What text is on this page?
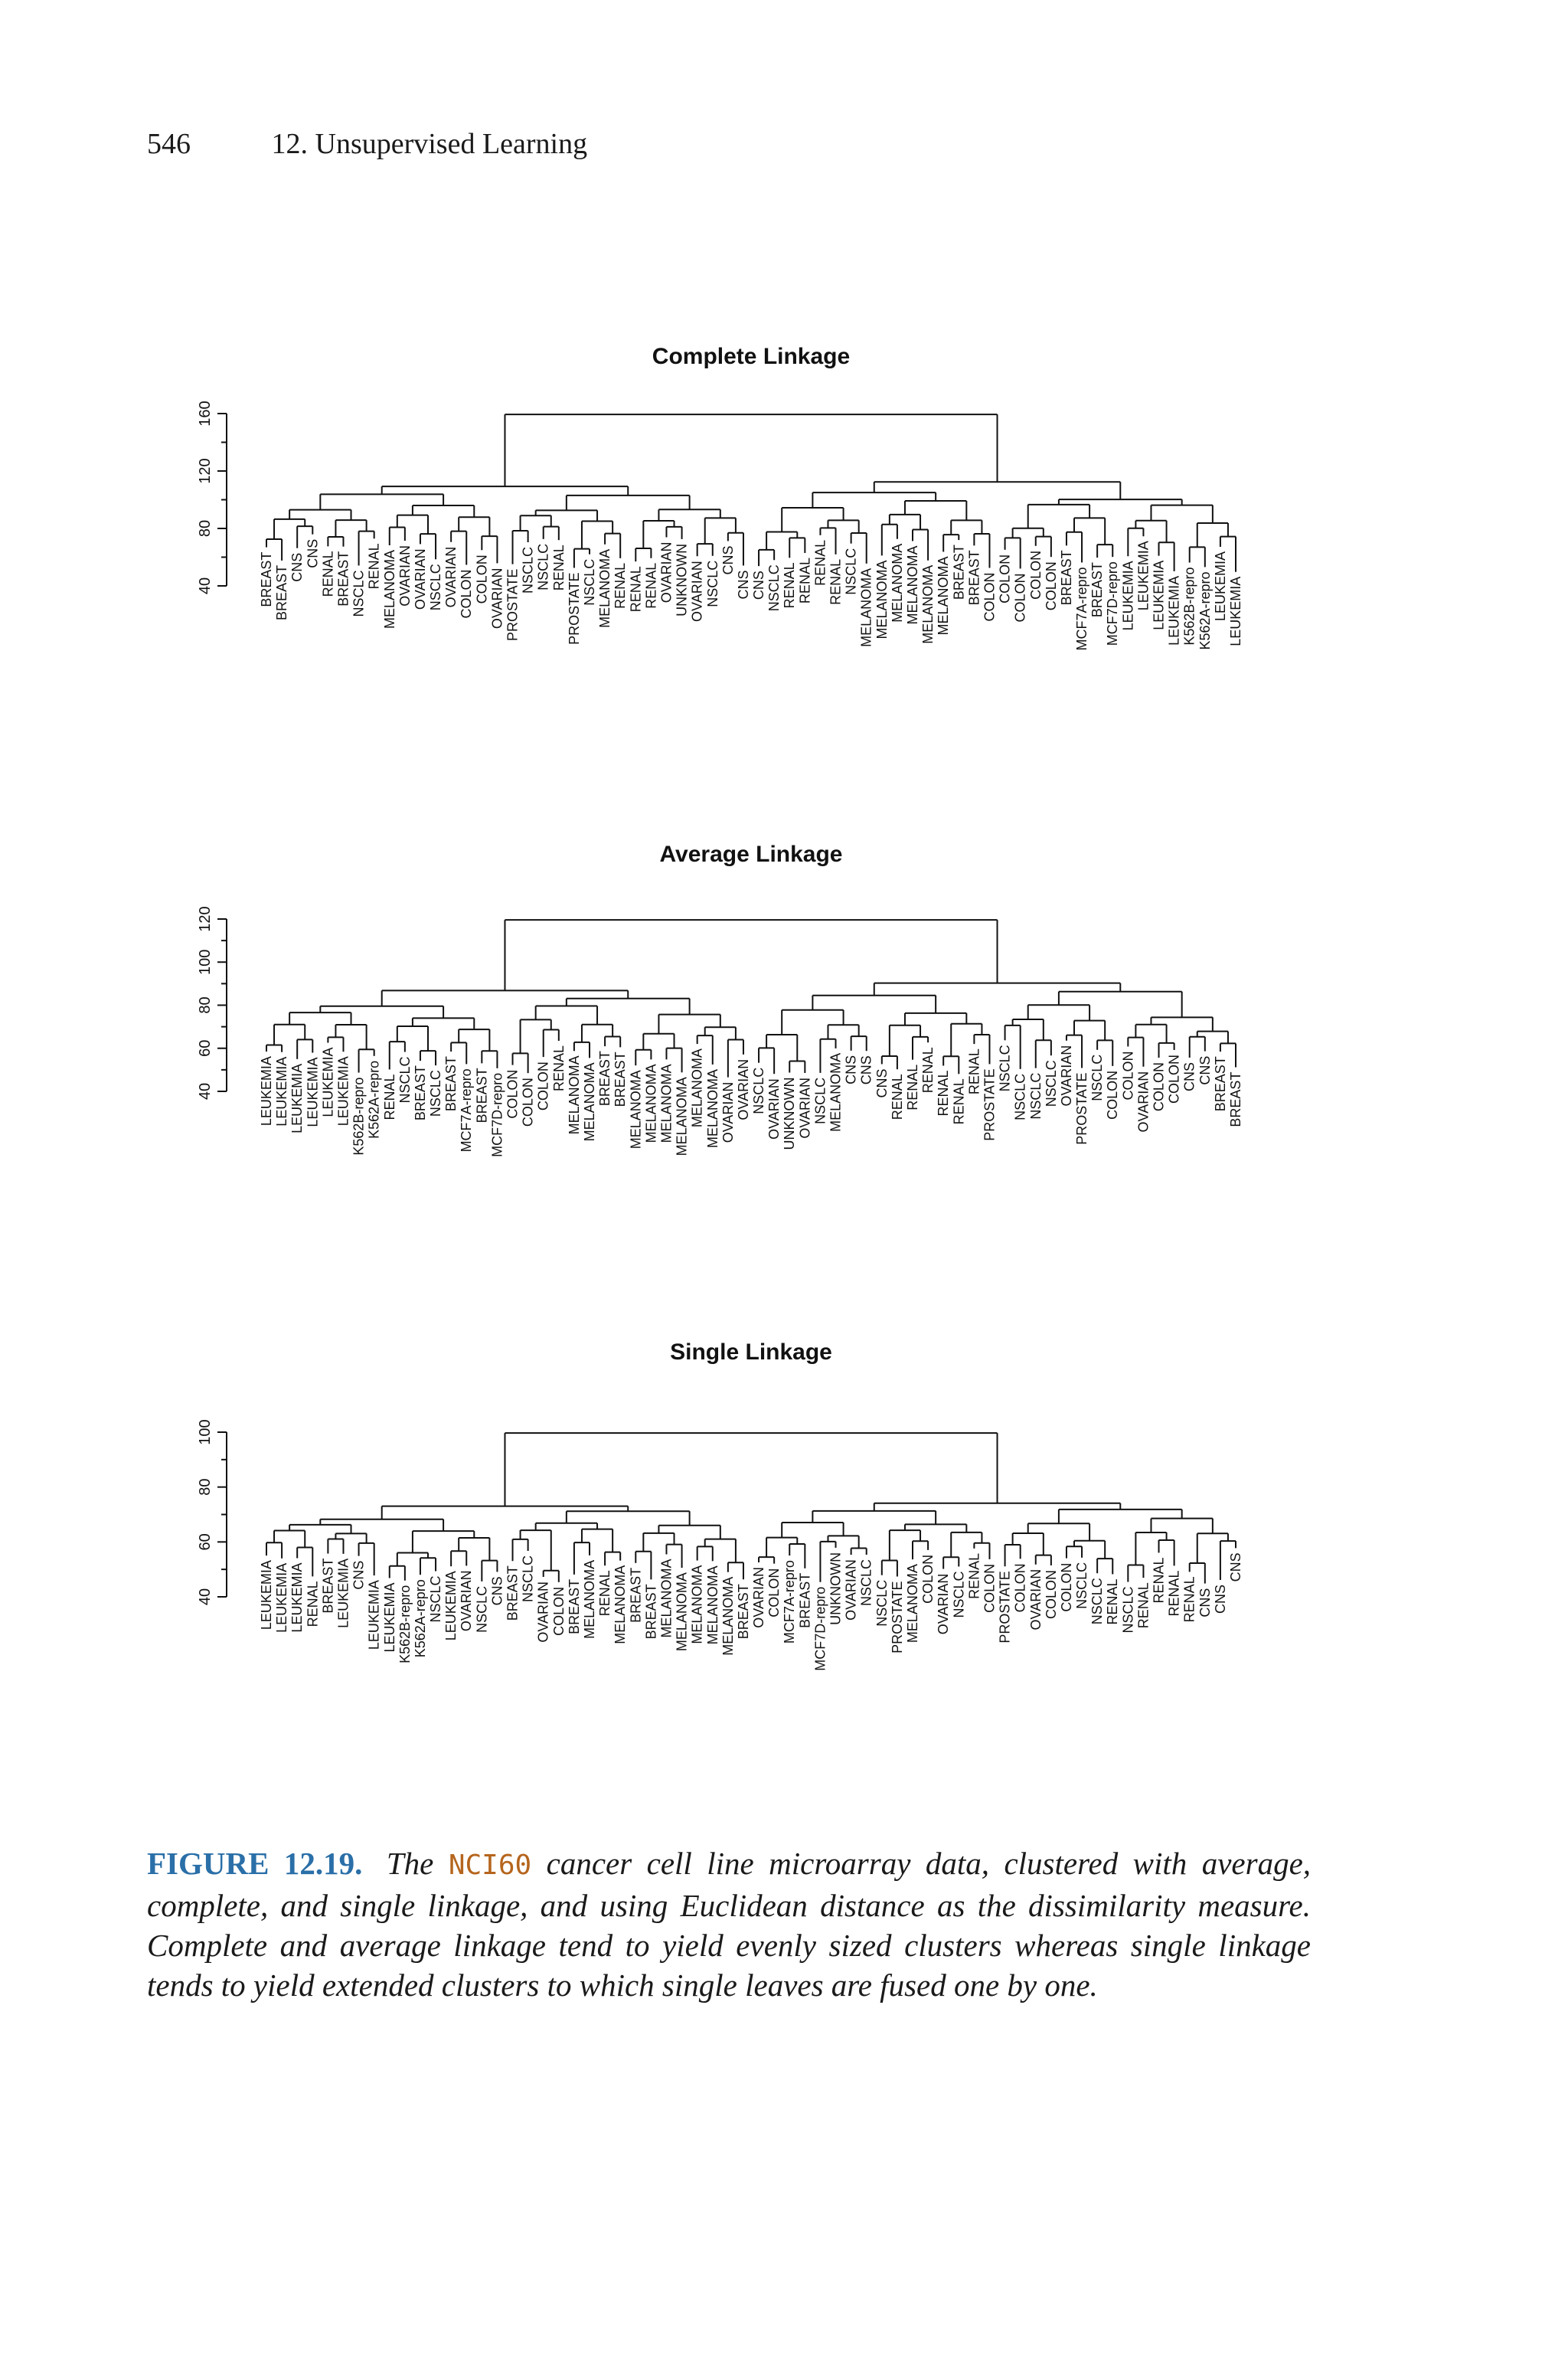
546	12. Unsupervised Learning
Complete Linkage
40
80
120
160
BREAST BREAST CNS CNS RENAL BREAST NSCLC
RENAL MELANOMA OVARIAN OVARIAN NSCLC OVARIAN COLON COLON OVARIAN PROSTATE NSCLC NSCLC RENAL
PROSTATE NSCLC MELANOMA RENAL RENAL RENAL OVARIAN UNKNOWN OVARIAN NSCLC
CNS
CNS CNS NSCLC RENAL RENAL RENAL RENAL NSCLC MELANOMA MELANOMA MELANOMA MELANOMA MELANOMA MELANOMA BREAST BREAST COLON COLON COLON COLON COLON BREAST MCF7A-repro BREAST MCF7D-repro LEUKEMIA LEUKEMIA LEUKEMIA LEUKEMIA K562B-repro K562A-repro LEUKEMIA LEUKEMIA
Average Linkage
40
60
80
100
120
LEUKEMIA LEUKEMIA LEUKEMIA LEUKEMIA LEUKEMIA LEUKEMIA K562B-repro K562A-repro RENAL NSCLC BREAST NSCLC BREAST MCF7A-repro BREAST MCF7D-repro COLON COLON COLON RENAL MELANOMA MELANOMA BREAST BREAST MELANOMA MELANOMA MELANOMA MELANOMA MELANOMA MELANOMA OVARIAN OVARIAN NSCLC OVARIAN UNKNOWN OVARIAN NSCLC MELANOMA CNS CNS CNS RENAL RENAL RENAL
RENAL RENAL
RENAL PROSTATE
NSCLC
NSCLC NSCLC NSCLC OVARIAN PROSTATE NSCLC COLON COLON OVARIAN COLON COLON CNS CNS BREAST BREAST
Single Linkage
40
60
80
100
LEUKEMIA LEUKEMIA LEUKEMIA RENAL BREAST LEUKEMIA CNS
LEUKEMIA LEUKEMIA K562B-repro K562A-repro NSCLC LEUKEMIA OVARIAN NSCLC CNS BREAST NSCLC
OVARIAN COLON BREAST MELANOMA RENAL MELANOMA BREAST BREAST MELANOMA MELANOMA MELANOMA MELANOMA MELANOMA BREAST OVARIAN COLON MCF7A-repro BREAST MCF7D-repro UNKNOWN OVARIAN NSCLC NSCLC PROSTATE MELANOMA COLON OVARIAN NSCLC RENAL COLON PROSTATE COLON OVARIAN COLON COLON NSCLC NSCLC RENAL NSCLC RENAL
RENAL RENAL RENAL CNS CNS
CNS
FIGURE 12.19. The NCI60 cancer cell line microarray data, clustered with average, complete, and single linkage, and using Euclidean distance as the dissimilarity measure. Complete and average linkage tend to yield evenly sized clusters whereas single linkage tends to yield extended clusters to which single leaves are fused one by one.
